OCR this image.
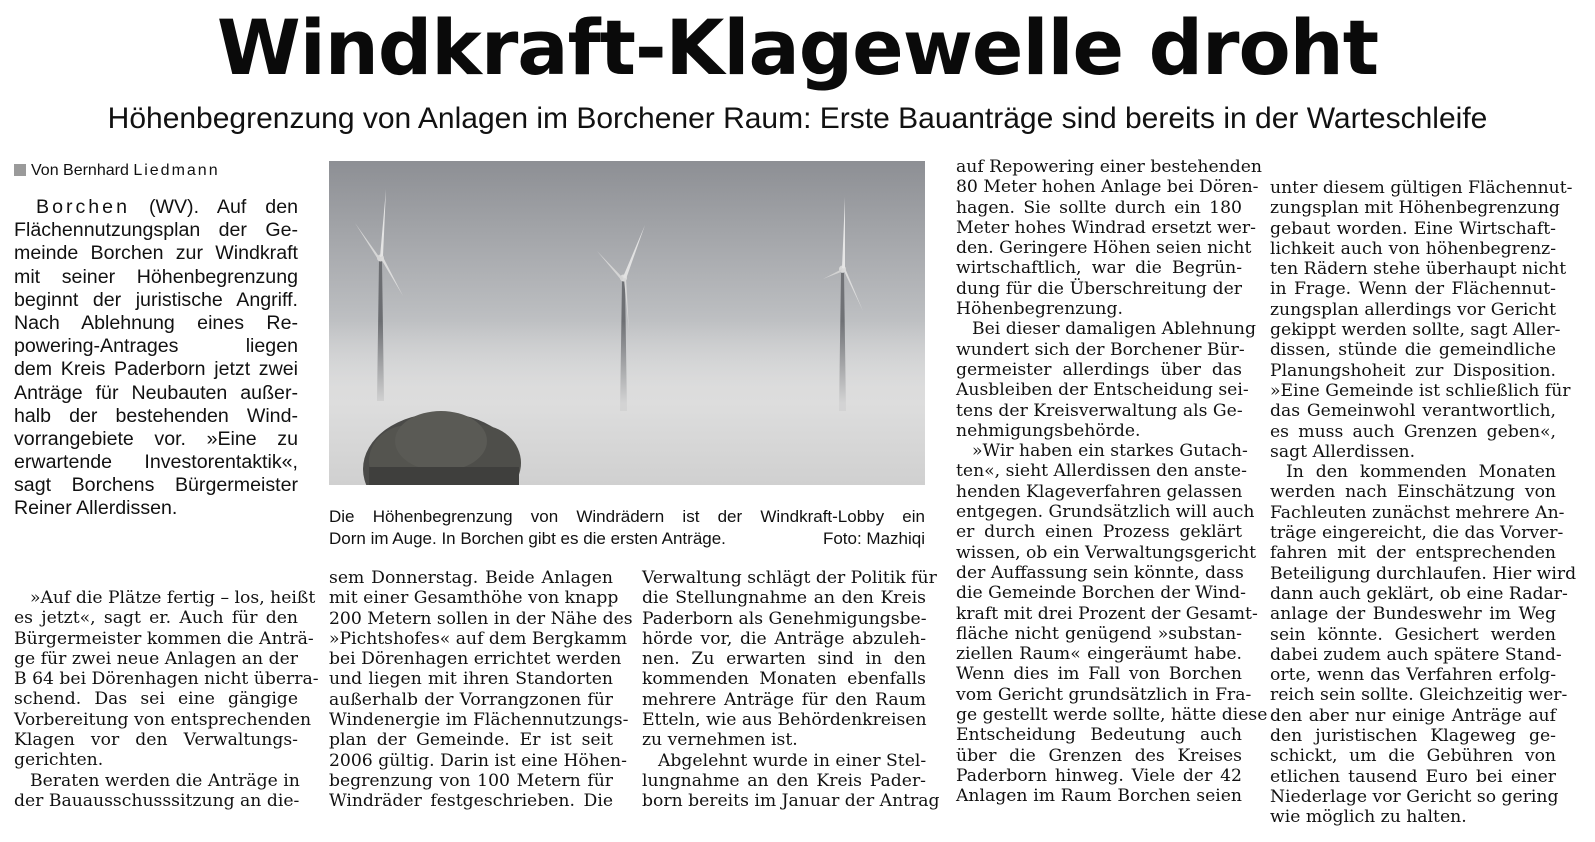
Windkraft-Klagewelle droht
Höhenbegrenzung von Anlagen im Borchener Raum: Erste Bauanträge sind bereits in der Warteschleife
Von Bernhard Liedmann
Borchen (WV). Auf den
Flächennutzungsplan der Ge-
meinde Borchen zur Windkraft
mit seiner Höhenbegrenzung
beginnt der juristische Angriff.
Nach Ablehnung eines Re-
powering-Antrages liegen
dem Kreis Paderborn jetzt zwei
Anträge für Neubauten außer-
halb der bestehenden Wind-
vorrangebiete vor. »Eine zu
erwartende Investorentaktik«,
sagt Borchens Bürgermeister
Reiner Allerdissen.	Die Höhenbegrenzung von Windrädern ist der Windkraft-Lobby ein
Dorn im Auge. In Borchen gibt es die ersten Anträge.	Foto: Mazhiqi
»Auf die Plätze fertig – los, heißt
es jetzt«, sagt er. Auch für den
Bürgermeister kommen die Anträ-
ge für zwei neue Anlagen an der
B 64 bei Dörenhagen nicht überra-
schend. Das sei eine gängige
Vorbereitung von entsprechenden
Klagen vor den Verwaltungs-
gerichten.
Beraten werden die Anträge in
der Bauausschusssitzung an die-
sem Donnerstag. Beide Anlagen
mit einer Gesamthöhe von knapp
200 Metern sollen in der Nähe des
»Pichtshofes« auf dem Bergkamm
bei Dörenhagen errichtet werden
und liegen mit ihren Standorten
außerhalb der Vorrangzonen für
Windenergie im Flächennutzungs-
plan der Gemeinde. Er ist seit
2006 gültig. Darin ist eine Höhen-
begrenzung von 100 Metern für
Windräder festgeschrieben. Die
Verwaltung schlägt der Politik für
die Stellungnahme an den Kreis
Paderborn als Genehmigungsbe-
hörde vor, die Anträge abzuleh-
nen. Zu erwarten sind in den
kommenden Monaten ebenfalls
mehrere Anträge für den Raum
Etteln, wie aus Behördenkreisen
zu vernehmen ist.
Abgelehnt wurde in einer Stel-
lungnahme an den Kreis Pader-
born bereits im Januar der Antrag
auf Repowering einer bestehenden
80 Meter hohen Anlage bei Dören-
hagen. Sie sollte durch ein 180
Meter hohes Windrad ersetzt wer-
den. Geringere Höhen seien nicht
wirtschaftlich, war die Begrün-
dung für die Überschreitung der
Höhenbegrenzung.
Bei dieser damaligen Ablehnung
wundert sich der Borchener Bür-
germeister allerdings über das
Ausbleiben der Entscheidung sei-
tens der Kreisverwaltung als Ge-
nehmigungsbehörde.
»Wir haben ein starkes Gutach-
ten«, sieht Allerdissen den anste-
henden Klageverfahren gelassen
entgegen. Grundsätzlich will auch
er durch einen Prozess geklärt
wissen, ob ein Verwaltungsgericht
der Auffassung sein könnte, dass
die Gemeinde Borchen der Wind-
kraft mit drei Prozent der Gesamt-
fläche nicht genügend »substan-
ziellen Raum« eingeräumt habe.
Wenn dies im Fall von Borchen
vom Gericht grundsätzlich in Fra-
ge gestellt werde sollte, hätte diese
Entscheidung Bedeutung auch
über die Grenzen des Kreises
Paderborn hinweg. Viele der 42
Anlagen im Raum Borchen seien
unter diesem gültigen Flächennut-
zungsplan mit Höhenbegrenzung
gebaut worden. Eine Wirtschaft-
lichkeit auch von höhenbegrenz-
ten Rädern stehe überhaupt nicht
in Frage. Wenn der Flächennut-
zungsplan allerdings vor Gericht
gekippt werden sollte, sagt Aller-
dissen, stünde die gemeindliche
Planungshoheit zur Disposition.
»Eine Gemeinde ist schließlich für
das Gemeinwohl verantwortlich,
es muss auch Grenzen geben«,
sagt Allerdissen.
In den kommenden Monaten
werden nach Einschätzung von
Fachleuten zunächst mehrere An-
träge eingereicht, die das Vorver-
fahren mit der entsprechenden
Beteiligung durchlaufen. Hier wird
dann auch geklärt, ob eine Radar-
anlage der Bundeswehr im Weg
sein könnte. Gesichert werden
dabei zudem auch spätere Stand-
orte, wenn das Verfahren erfolg-
reich sein sollte. Gleichzeitig wer-
den aber nur einige Anträge auf
den juristischen Klageweg ge-
schickt, um die Gebühren von
etlichen tausend Euro bei einer
Niederlage vor Gericht so gering
wie möglich zu halten.
